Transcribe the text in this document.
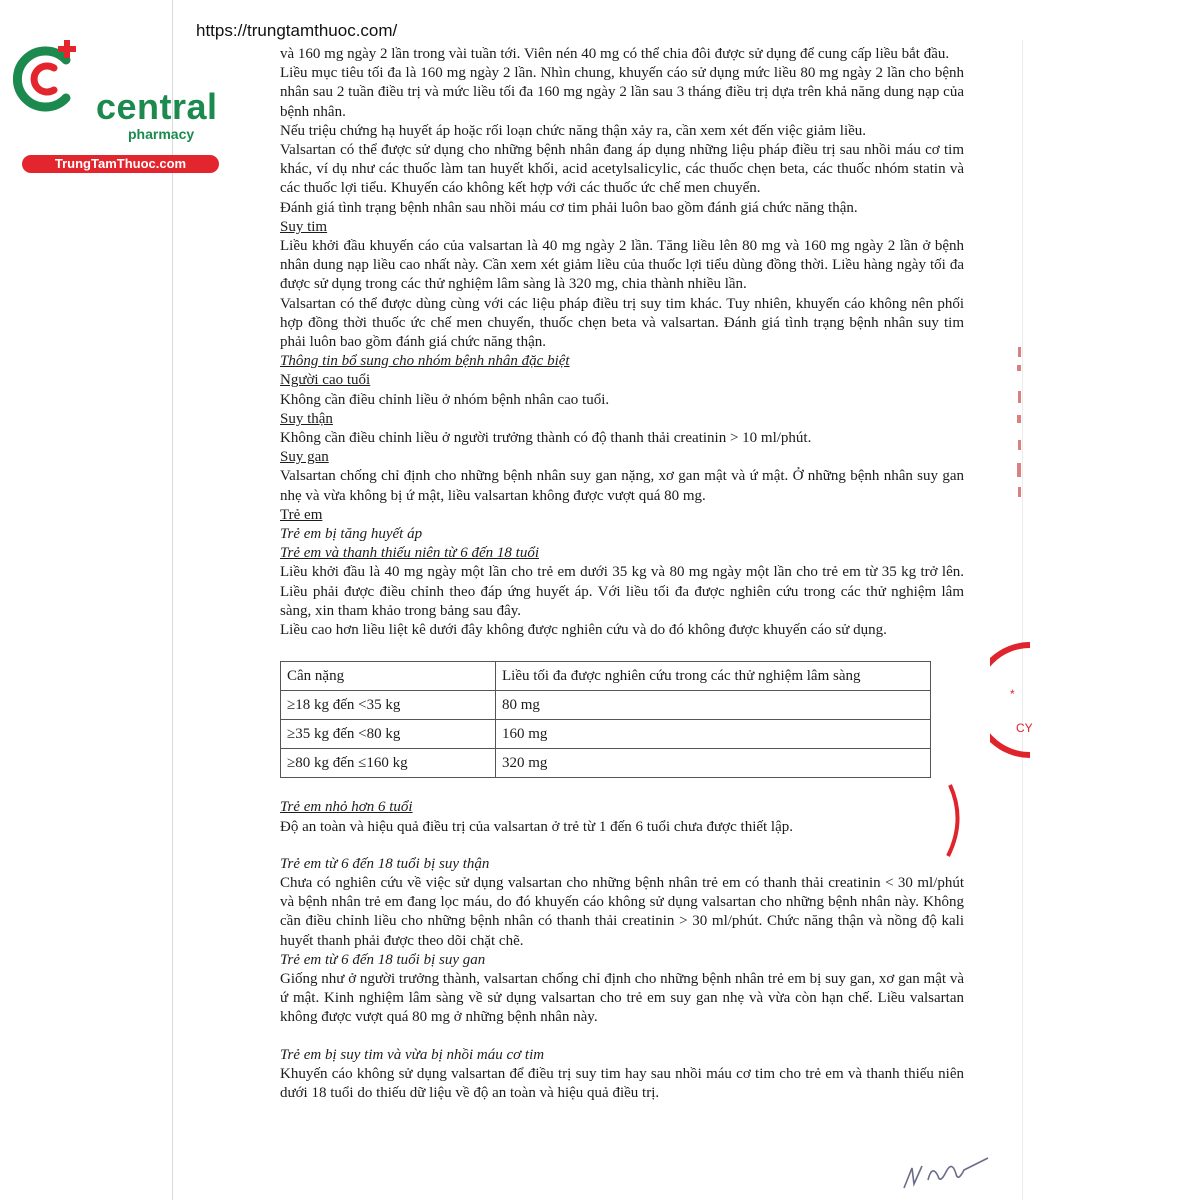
https://trungtamthuoc.com/
central
pharmacy
TrungTamThuoc.com

và 160 mg ngày 2 lần trong vài tuần tới. Viên nén 40 mg có thể chia đôi được sử dụng để cung cấp liều bắt đầu.

Liều mục tiêu tối đa là 160 mg ngày 2 lần. Nhìn chung, khuyến cáo sử dụng mức liều 80 mg ngày 2 lần cho bệnh nhân sau 2 tuần điều trị và mức liều tối đa 160 mg ngày 2 lần sau 3 tháng điều trị dựa trên khả năng dung nạp của bệnh nhân.

Nếu triệu chứng hạ huyết áp hoặc rối loạn chức năng thận xảy ra, cần xem xét đến việc giảm liều.

Valsartan có thể được sử dụng cho những bệnh nhân đang áp dụng những liệu pháp điều trị sau nhồi máu cơ tim khác, ví dụ như các thuốc làm tan huyết khối, acid acetylsalicylic, các thuốc chẹn beta, các thuốc nhóm statin và các thuốc lợi tiểu. Khuyến cáo không kết hợp với các thuốc ức chế men chuyển.

Đánh giá tình trạng bệnh nhân sau nhồi máu cơ tim phải luôn bao gồm đánh giá chức năng thận.

Suy tim

Liều khởi đầu khuyến cáo của valsartan là 40 mg ngày 2 lần. Tăng liều lên 80 mg và 160 mg ngày 2 lần ở bệnh nhân dung nạp liều cao nhất này. Cần xem xét giảm liều của thuốc lợi tiểu dùng đồng thời. Liều hàng ngày tối đa được sử dụng trong các thử nghiệm lâm sàng là 320 mg, chia thành nhiều lần.

Valsartan có thể được dùng cùng với các liệu pháp điều trị suy tim khác. Tuy nhiên, khuyến cáo không nên phối hợp đồng thời thuốc ức chế men chuyển, thuốc chẹn beta và valsartan. Đánh giá tình trạng bệnh nhân suy tim phải luôn bao gồm đánh giá chức năng thận.

Thông tin bổ sung cho nhóm bệnh nhân đặc biệt

Người cao tuổi

Không cần điều chỉnh liều ở nhóm bệnh nhân cao tuổi.

Suy thận

Không cần điều chỉnh liều ở người trưởng thành có độ thanh thải creatinin > 10 ml/phút.

Suy gan

Valsartan chống chỉ định cho những bệnh nhân suy gan nặng, xơ gan mật và ứ mật. Ở những bệnh nhân suy gan nhẹ và vừa không bị ứ mật, liều valsartan không được vượt quá 80 mg.

Trẻ em

Trẻ em bị tăng huyết áp

Trẻ em và thanh thiếu niên từ 6 đến 18 tuổi

Liều khởi đầu là 40 mg ngày một lần cho trẻ em dưới 35 kg và 80 mg ngày một lần cho trẻ em từ 35 kg trở lên. Liều phải được điều chỉnh theo đáp ứng huyết áp. Với liều tối đa được nghiên cứu trong các thử nghiệm lâm sàng, xin tham khảo trong bảng sau đây.

Liều cao hơn liều liệt kê dưới đây không được nghiên cứu và do đó không được khuyến cáo sử dụng.

Cân nặng	Liều tối đa được nghiên cứu trong các thử nghiệm lâm sàng
≥18 kg đến <35 kg	80 mg
≥35 kg đến <80 kg	160 mg
≥80 kg đến ≤160 kg	320 mg

Trẻ em nhỏ hơn 6 tuổi

Độ an toàn và hiệu quả điều trị của valsartan ở trẻ từ 1 đến 6 tuổi chưa được thiết lập.

Trẻ em từ 6 đến 18 tuổi bị suy thận

Chưa có nghiên cứu về việc sử dụng valsartan cho những bệnh nhân trẻ em có thanh thải creatinin < 30 ml/phút và bệnh nhân trẻ em đang lọc máu, do đó khuyến cáo không sử dụng valsartan cho những bệnh nhân này. Không cần điều chỉnh liều cho những bệnh nhân có thanh thải creatinin > 30 ml/phút. Chức năng thận và nồng độ kali huyết thanh phải được theo dõi chặt chẽ.

Trẻ em từ 6 đến 18 tuổi bị suy gan

Giống như ở người trưởng thành, valsartan chống chỉ định cho những bệnh nhân trẻ em bị suy gan, xơ gan mật và ứ mật. Kinh nghiệm lâm sàng về sử dụng valsartan cho trẻ em suy gan nhẹ và vừa còn hạn chế. Liều valsartan không được vượt quá 80 mg ở những bệnh nhân này.

Trẻ em bị suy tim và vừa bị nhồi máu cơ tim

Khuyến cáo không sử dụng valsartan để điều trị suy tim hay sau nhồi máu cơ tim cho trẻ em và thanh thiếu niên dưới 18 tuổi do thiếu dữ liệu về độ an toàn và hiệu quả điều trị.

*
CY
